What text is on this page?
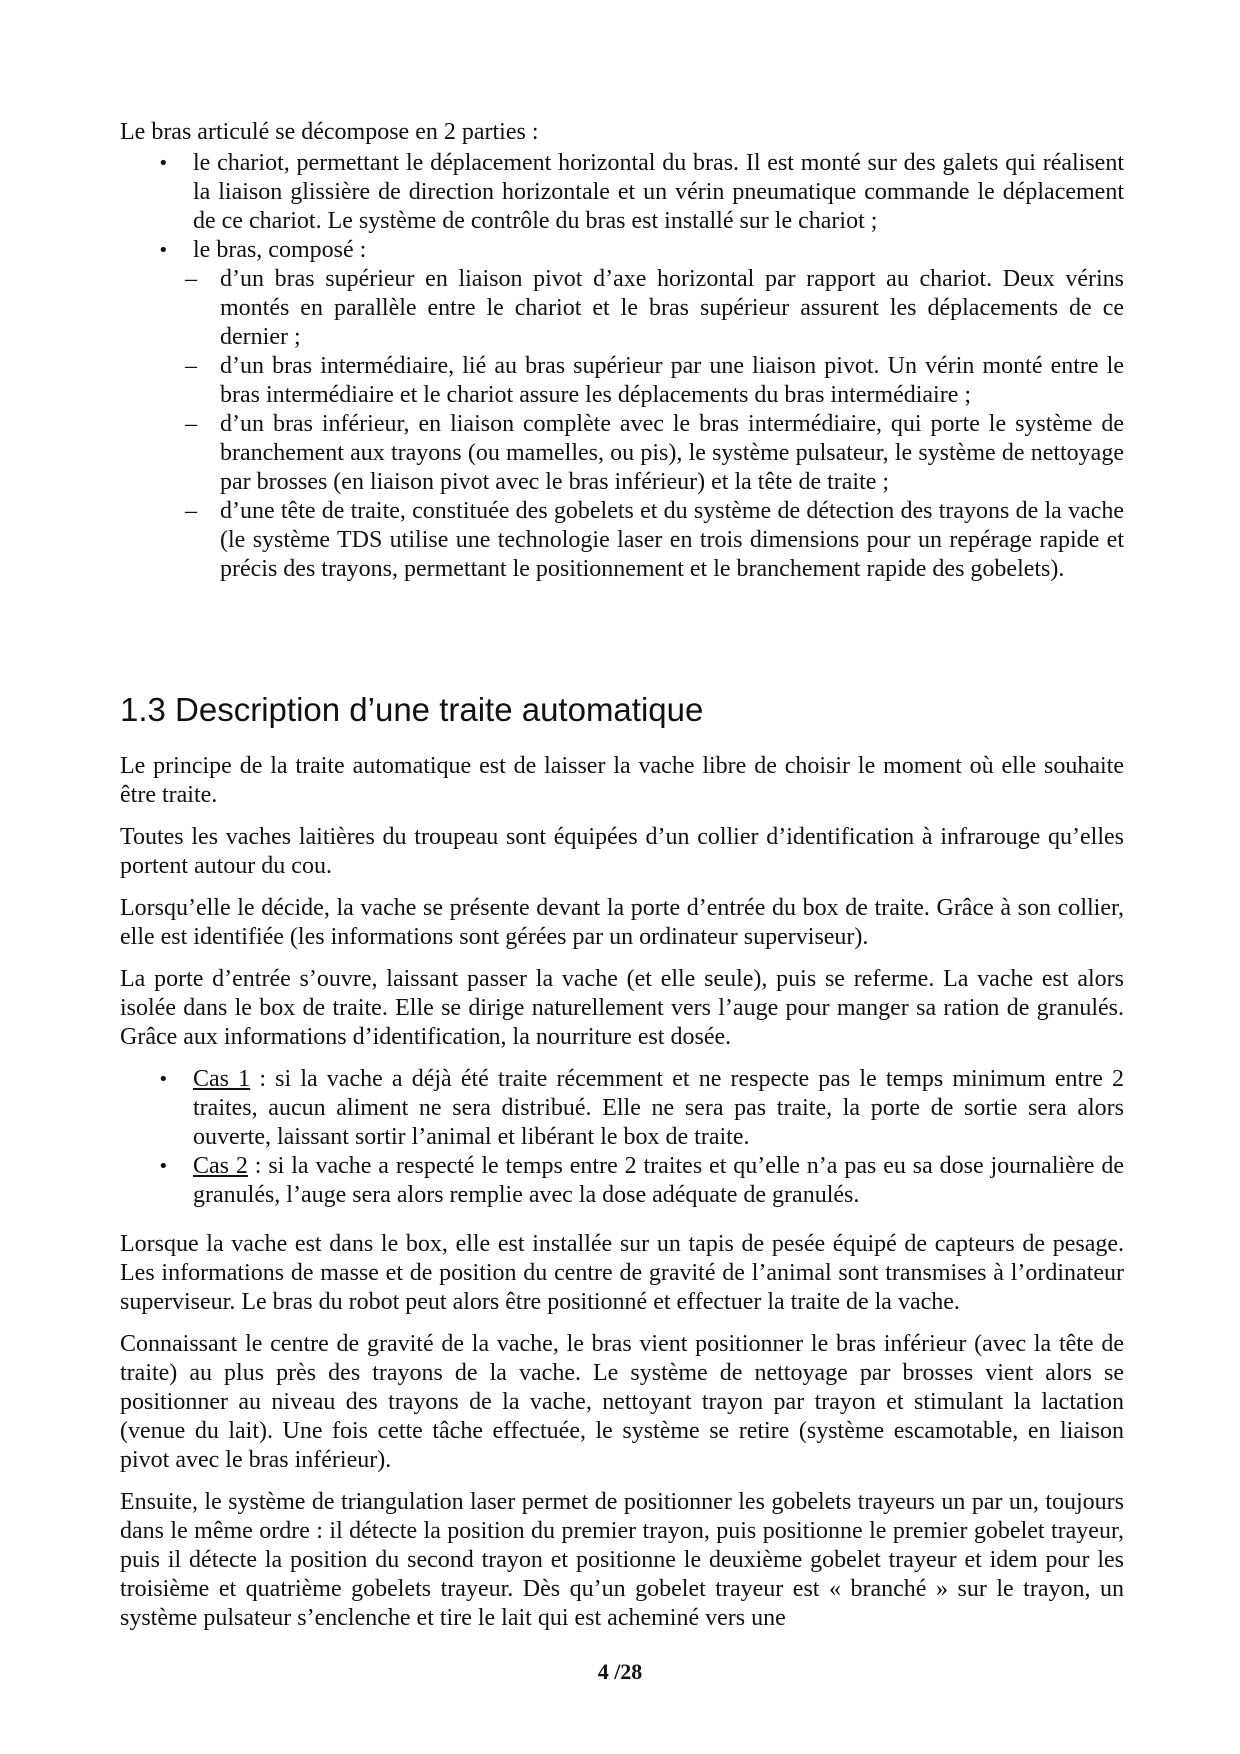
Le bras articulé se décompose en 2 parties :

• le chariot, permettant le déplacement horizontal du bras. Il est monté sur des galets qui réalisent la liaison glissière de direction horizontale et un vérin pneumatique commande le déplacement de ce chariot. Le système de contrôle du bras est installé sur le chariot ;
• le bras, composé :
– d’un bras supérieur en liaison pivot d’axe horizontal par rapport au chariot. Deux vérins montés en parallèle entre le chariot et le bras supérieur assurent les déplacements de ce dernier ;
– d’un bras intermédiaire, lié au bras supérieur par une liaison pivot. Un vérin monté entre le bras intermédiaire et le chariot assure les déplacements du bras intermédiaire ;
– d’un bras inférieur, en liaison complète avec le bras intermédiaire, qui porte le système de branchement aux trayons (ou mamelles, ou pis), le système pulsateur, le système de nettoyage par brosses (en liaison pivot avec le bras inférieur) et la tête de traite ;
– d’une tête de traite, constituée des gobelets et du système de détection des trayons de la vache (le système TDS utilise une technologie laser en trois dimensions pour un repérage rapide et précis des trayons, permettant le positionnement et le branchement rapide des gobelets).
1.3 Description d’une traite automatique

Le principe de la traite automatique est de laisser la vache libre de choisir le moment où elle souhaite être traite.

Toutes les vaches laitières du troupeau sont équipées d’un collier d’identification à infrarouge qu’elles portent autour du cou.

Lorsqu’elle le décide, la vache se présente devant la porte d’entrée du box de traite. Grâce à son collier, elle est identifiée (les informations sont gérées par un ordinateur superviseur).

La porte d’entrée s’ouvre, laissant passer la vache (et elle seule), puis se referme. La vache est alors isolée dans le box de traite. Elle se dirige naturellement vers l’auge pour manger sa ration de granulés. Grâce aux informations d’identification, la nourriture est dosée.

• Cas 1 : si la vache a déjà été traite récemment et ne respecte pas le temps minimum entre 2 traites, aucun aliment ne sera distribué. Elle ne sera pas traite, la porte de sortie sera alors ouverte, laissant sortir l’animal et libérant le box de traite.
• Cas 2 : si la vache a respecté le temps entre 2 traites et qu’elle n’a pas eu sa dose journalière de granulés, l’auge sera alors remplie avec la dose adéquate de granulés.

Lorsque la vache est dans le box, elle est installée sur un tapis de pesée équipé de capteurs de pesage. Les informations de masse et de position du centre de gravité de l’animal sont transmises à l’ordinateur superviseur. Le bras du robot peut alors être positionné et effectuer la traite de la vache.

Connaissant le centre de gravité de la vache, le bras vient positionner le bras inférieur (avec la tête de traite) au plus près des trayons de la vache. Le système de nettoyage par brosses vient alors se positionner au niveau des trayons de la vache, nettoyant trayon par trayon et stimulant la lactation (venue du lait). Une fois cette tâche effectuée, le système se retire (système escamotable, en liaison pivot avec le bras inférieur).

Ensuite, le système de triangulation laser permet de positionner les gobelets trayeurs un par un, toujours dans le même ordre : il détecte la position du premier trayon, puis positionne le premier gobelet trayeur, puis il détecte la position du second trayon et positionne le deuxième gobelet trayeur et idem pour les troisième et quatrième gobelets trayeur. Dès qu’un gobelet trayeur est « branché » sur le trayon, un système pulsateur s’enclenche et tire le lait qui est acheminé vers une

4 /28
